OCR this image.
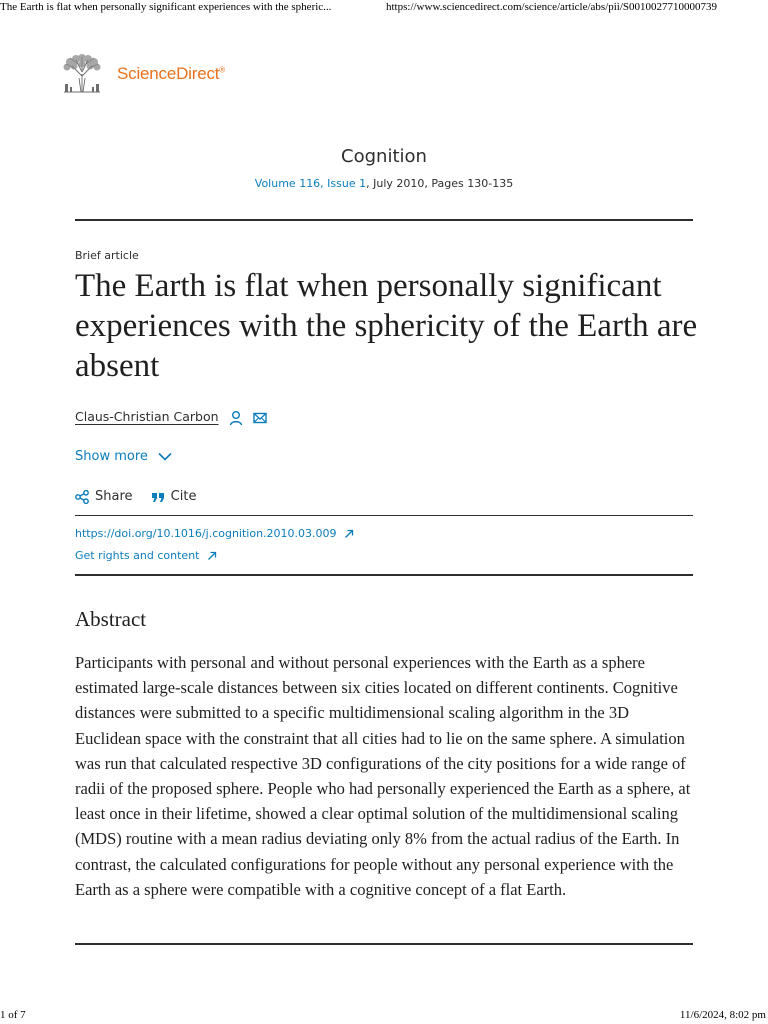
The Earth is flat when personally significant experiences with the spheric...	https://www.sciencedirect.com/science/article/abs/pii/S0010027710000739
ScienceDirect®
Cognition
Volume 116, Issue 1, July 2010, Pages 130-135
Brief article
The Earth is flat when personally significant experiences with the sphericity of the Earth are absent
Claus-Christian Carbon
Show more
Share	Cite
https://doi.org/10.1016/j.cognition.2010.03.009
Get rights and content
Abstract

Participants with personal and without personal experiences with the Earth as a sphere estimated large-scale distances between six cities located on different continents. Cognitive distances were submitted to a specific multidimensional scaling algorithm in the 3D Euclidean space with the constraint that all cities had to lie on the same sphere. A simulation was run that calculated respective 3D configurations of the city positions for a wide range of radii of the proposed sphere. People who had personally experienced the Earth as a sphere, at least once in their lifetime, showed a clear optimal solution of the multidimensional scaling (MDS) routine with a mean radius deviating only 8% from the actual radius of the Earth. In contrast, the calculated configurations for people without any personal experience with the Earth as a sphere were compatible with a cognitive concept of a flat Earth.

1 of 7	11/6/2024, 8:02 pm
